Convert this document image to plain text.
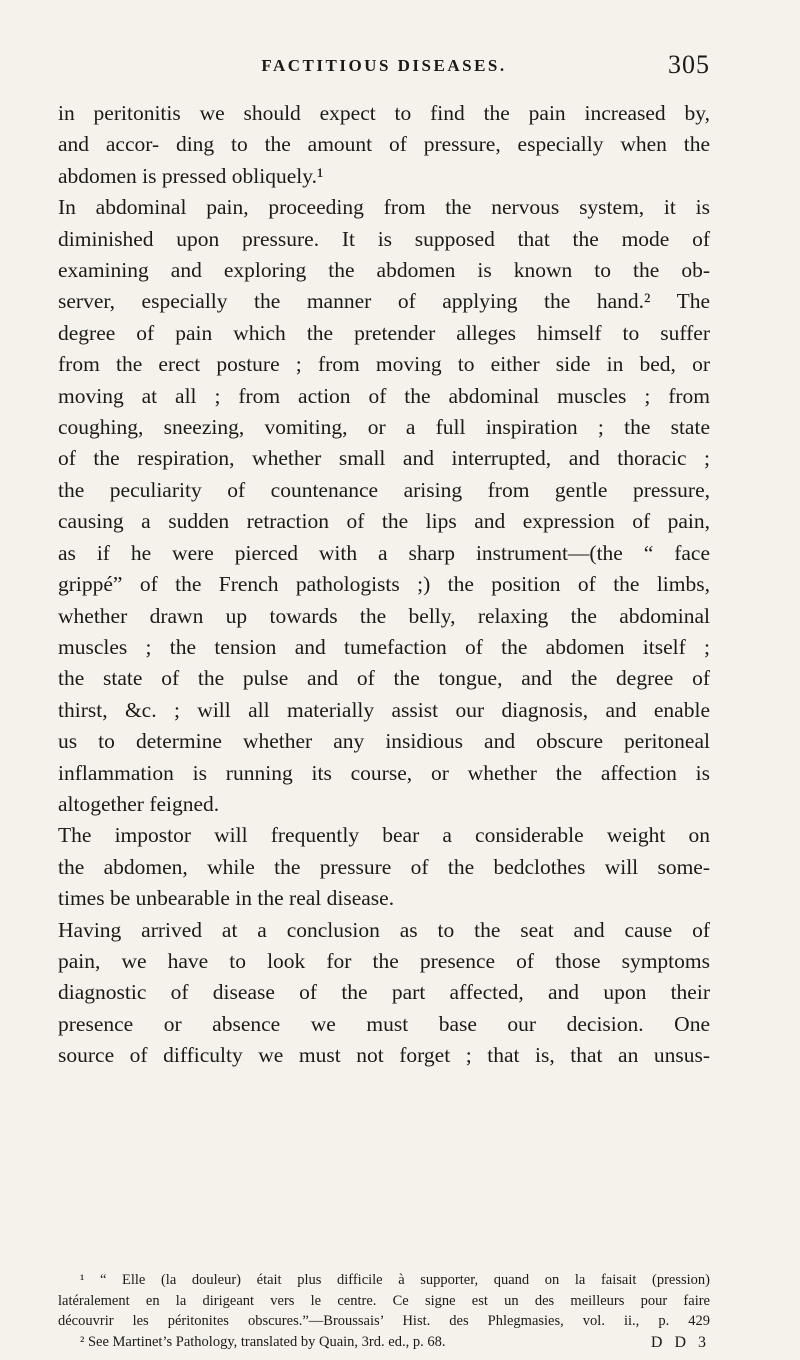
FACTITIOUS DISEASES.	305
in peritonitis we should expect to find the pain increased by,
and accor- ding to the amount of pressure, especially when the
abdomen is pressed obliquely.¹
In abdominal pain, proceeding from the nervous system, it is
diminished upon pressure. It is supposed that the mode of
examining and exploring the abdomen is known to the ob-
server, especially the manner of applying the hand.² The
degree of pain which the pretender alleges himself to suffer
from the erect posture ; from moving to either side in bed, or
moving at all ; from action of the abdominal muscles ; from
coughing, sneezing, vomiting, or a full inspiration ; the state
of the respiration, whether small and interrupted, and thoracic ;
the peculiarity of countenance arising from gentle pressure,
causing a sudden retraction of the lips and expression of pain,
as if he were pierced with a sharp instrument—(the “ face
grippé” of the French pathologists ;) the position of the limbs,
whether drawn up towards the belly, relaxing the abdominal
muscles ; the tension and tumefaction of the abdomen itself ;
the state of the pulse and of the tongue, and the degree of
thirst, &c. ; will all materially assist our diagnosis, and enable
us to determine whether any insidious and obscure peritoneal
inflammation is running its course, or whether the affection is
altogether feigned.
The impostor will frequently bear a considerable weight on
the abdomen, while the pressure of the bedclothes will some-
times be unbearable in the real disease.
Having arrived at a conclusion as to the seat and cause of
pain, we have to look for the presence of those symptoms
diagnostic of disease of the part affected, and upon their
presence or absence we must base our decision. One
source of difficulty we must not forget ; that is, that an unsus-
¹ “ Elle (la douleur) était plus difficile à supporter, quand on la faisait (pression)
latéralement en la dirigeant vers le centre. Ce signe est un des meilleurs pour faire
découvrir les péritonites obscures.”—Broussais’ Hist. des Phlegmasies, vol. ii., p. 429
² See Martinet’s Pathology, translated by Quain, 3rd. ed., p. 68.	D D 3
